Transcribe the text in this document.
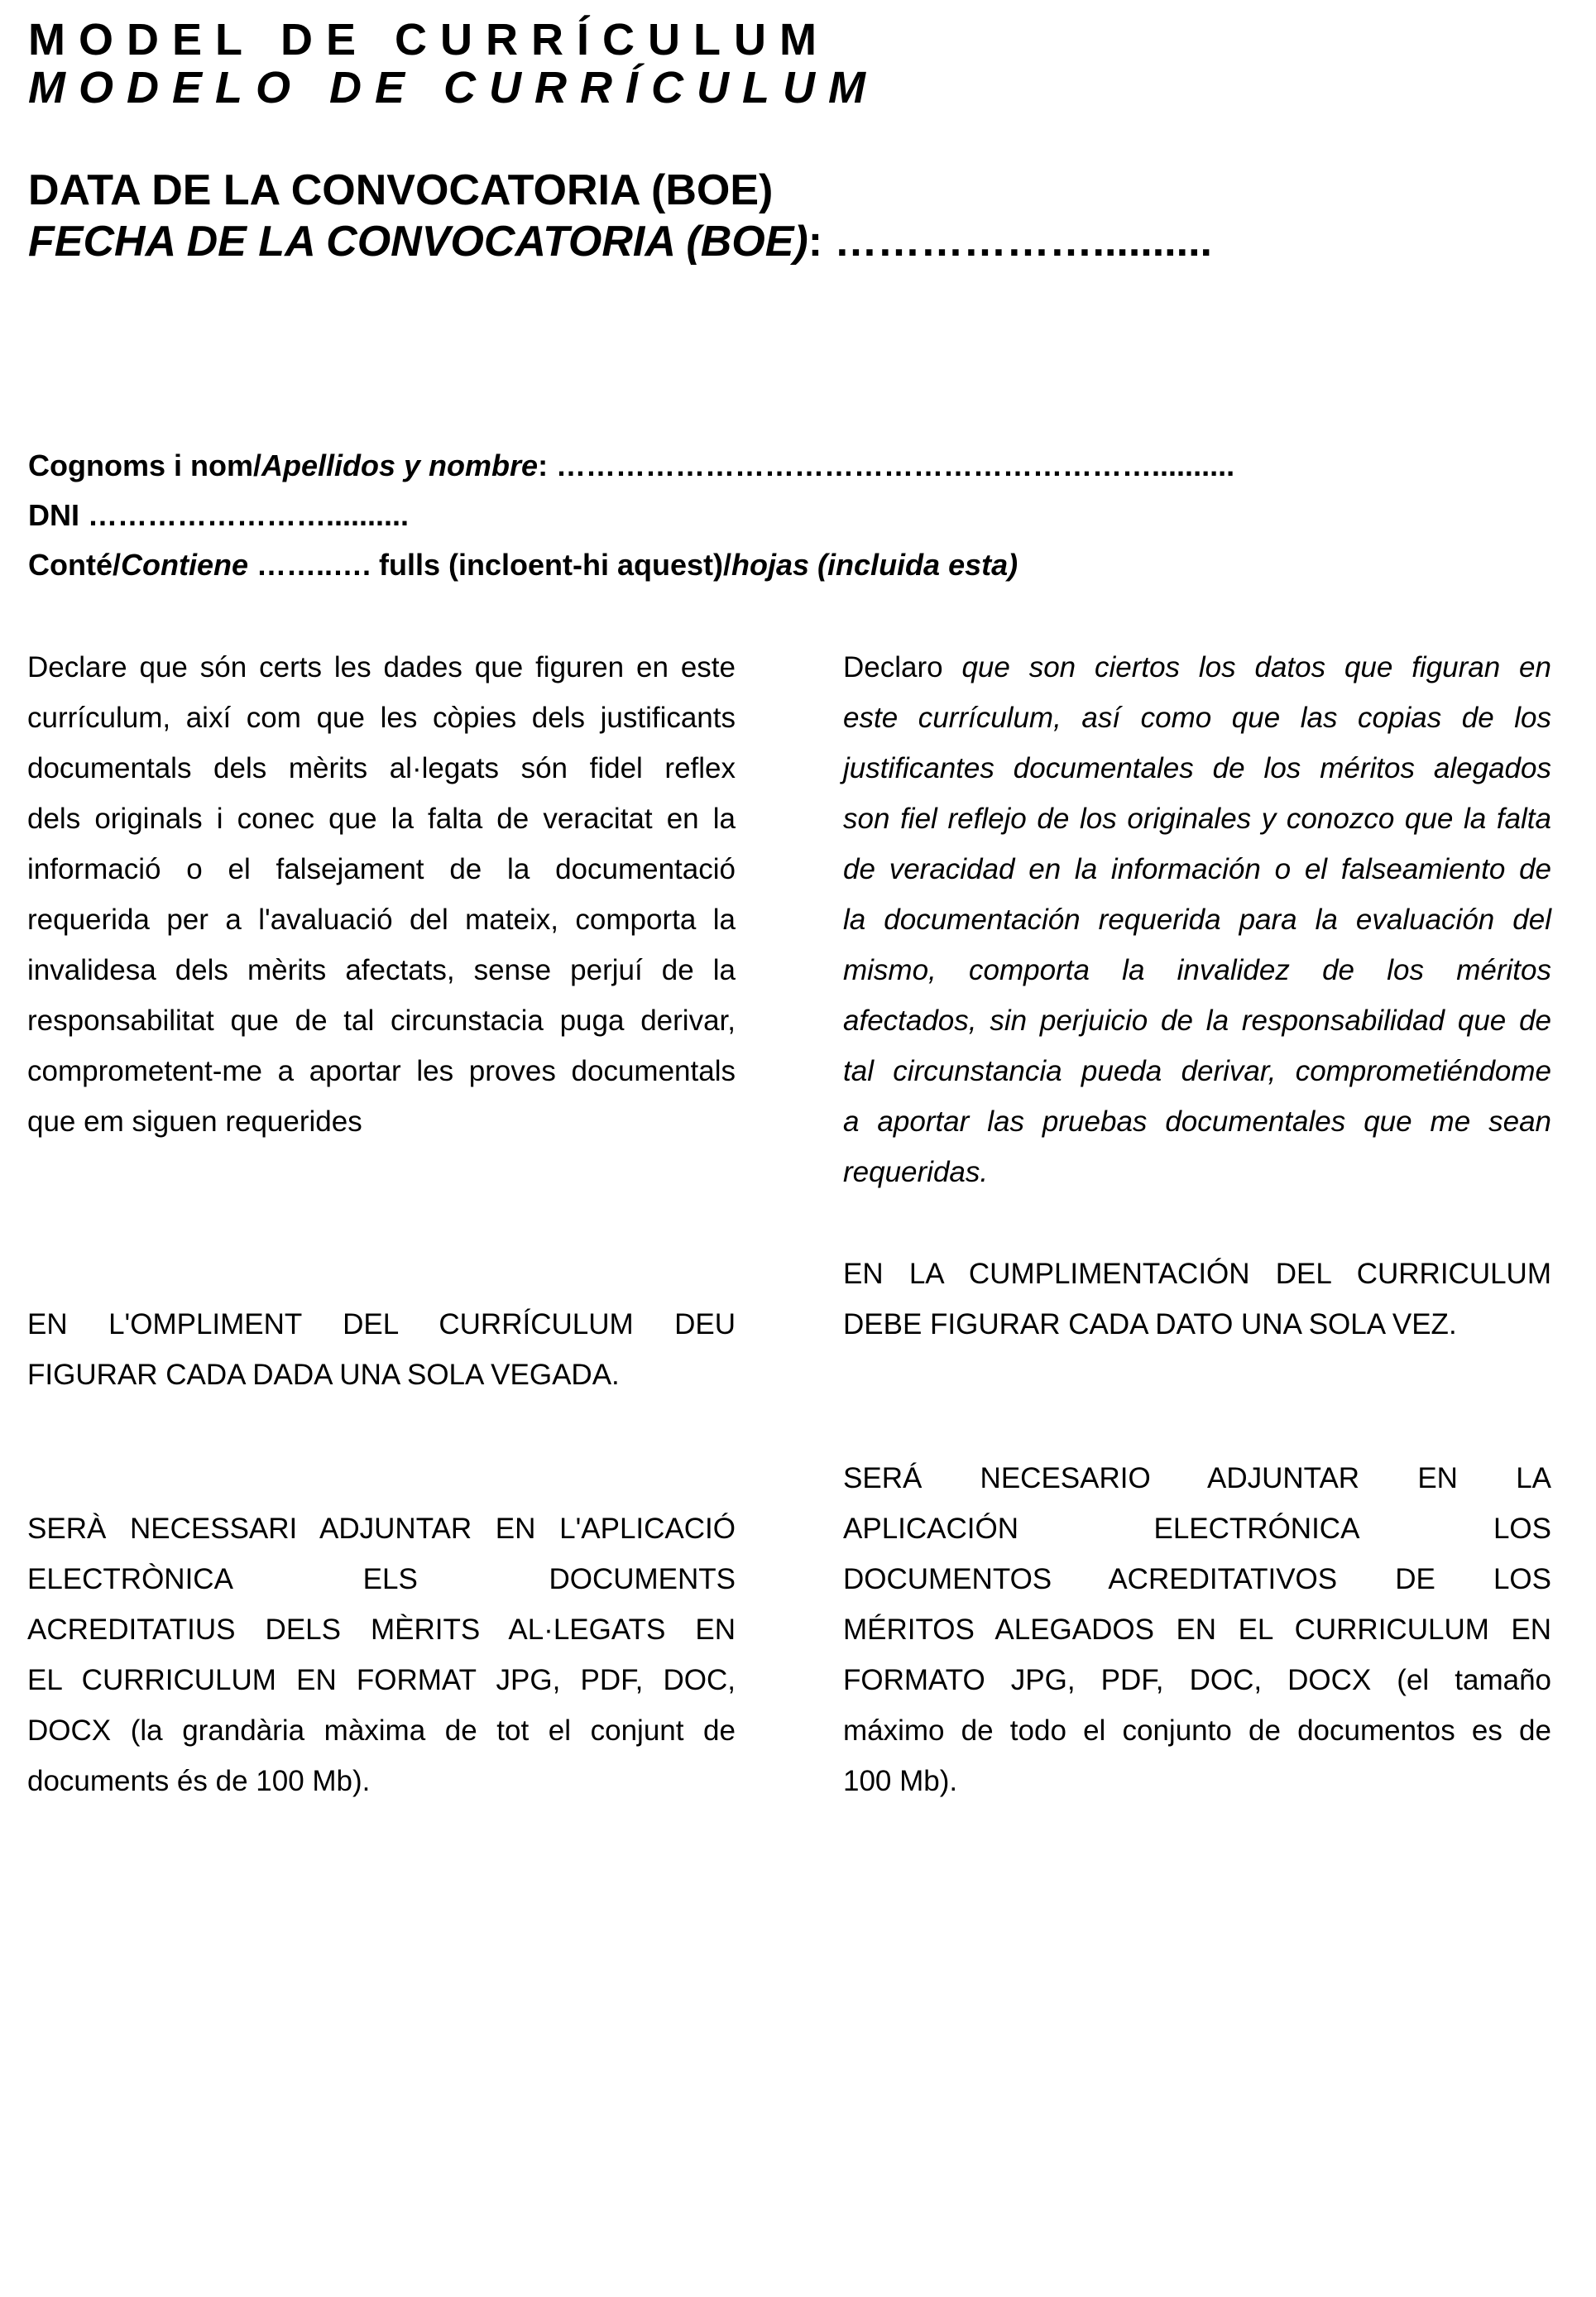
MODEL DE CURRÍCULUM
MODELO DE CURRÍCULUM
DATA DE LA CONVOCATORIA (BOE)
FECHA DE LA CONVOCATORIA (BOE): ………………..........
Cognoms i nom/Apellidos y nombre: ……………………………………………………..........
DNI ……………………..........
Conté/Contiene ……..…. fulls (incloent-hi aquest)/hojas (incluida esta)
Declare que són certs les dades que figuren en este
currículum, així com que les còpies dels justificants
documentals dels mèrits al·legats són fidel reflex
dels originals i conec que la falta de veracitat en la
informació o el falsejament de la documentació
requerida per a l'avaluació del mateix, comporta la
invalidesa dels mèrits afectats, sense perjuí de la
responsabilitat que de tal circunstacia puga derivar,
comprometent-me a aportar les proves documentals
que em siguen requerides
Declaro que son ciertos los datos que figuran en
este currículum, así como que las copias de los
justificantes documentales de los méritos alegados
son fiel reflejo de los originales y conozco que la falta
de veracidad en la información o el falseamiento de
la documentación requerida para la evaluación del
mismo, comporta la invalidez de los méritos
afectados, sin perjuicio de la responsabilidad que de
tal circunstancia pueda derivar, comprometiéndome
a aportar las pruebas documentales que me sean
requeridas.
EN L'OMPLIMENT DEL CURRÍCULUM DEU
FIGURAR CADA DADA UNA SOLA VEGADA.
EN LA CUMPLIMENTACIÓN DEL CURRICULUM
DEBE FIGURAR CADA DATO UNA SOLA VEZ.
SERÀ NECESSARI ADJUNTAR EN L'APLICACIÓ
ELECTRÒNICA ELS DOCUMENTS
ACREDITATIUS DELS MÈRITS AL·LEGATS EN
EL CURRICULUM EN FORMAT JPG, PDF, DOC,
DOCX (la grandària màxima de tot el conjunt de
documents és de 100 Mb).
SERÁ NECESARIO ADJUNTAR EN LA
APLICACIÓN ELECTRÓNICA LOS
DOCUMENTOS ACREDITATIVOS DE LOS
MÉRITOS ALEGADOS EN EL CURRICULUM EN
FORMATO JPG, PDF, DOC, DOCX (el tamaño
máximo de todo el conjunto de documentos es de
100 Mb).
